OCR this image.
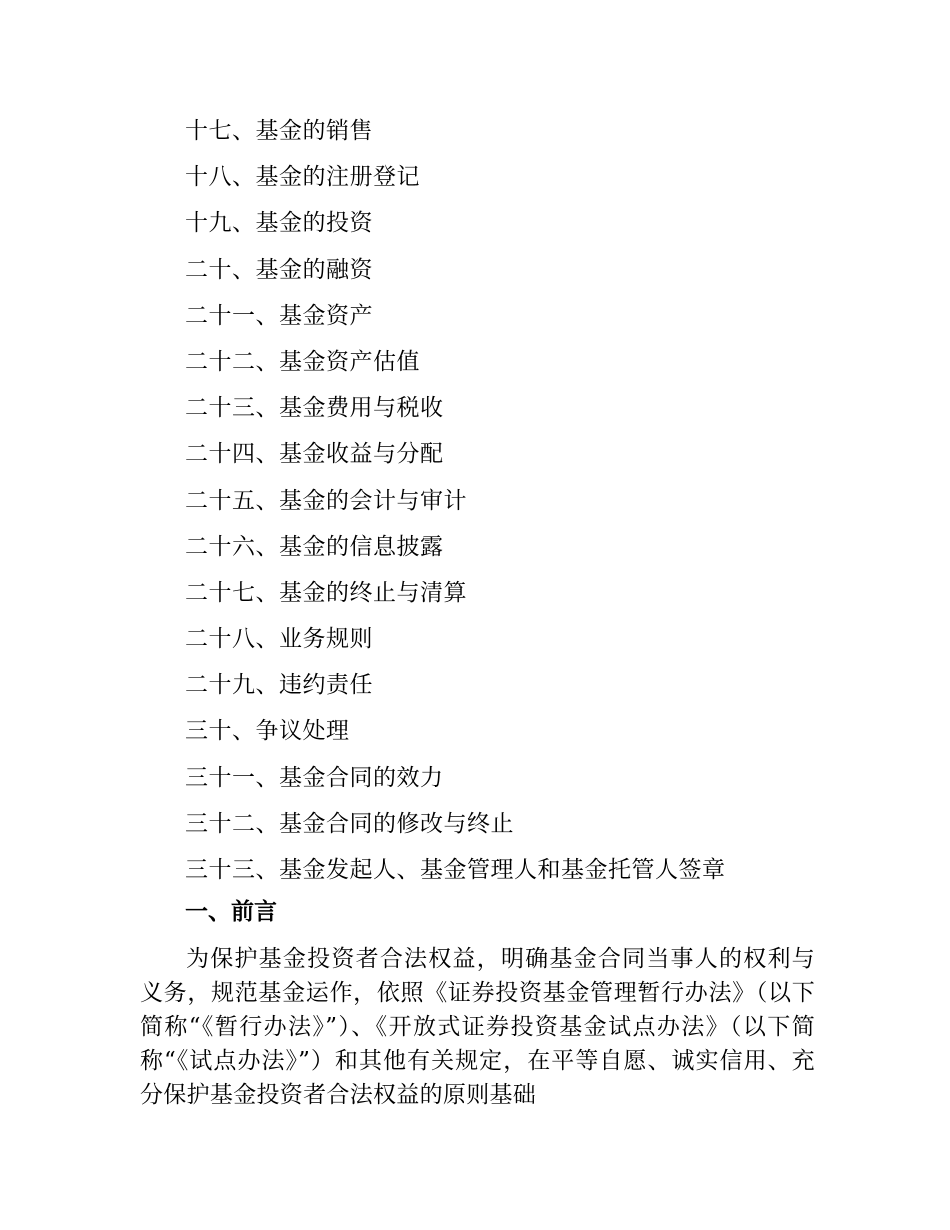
十七、基金的销售
十八、基金的注册登记
十九、基金的投资
二十、基金的融资
二十一、基金资产
二十二、基金资产估值
二十三、基金费用与税收
二十四、基金收益与分配
二十五、基金的会计与审计
二十六、基金的信息披露
二十七、基金的终止与清算
二十八、业务规则
二十九、违约责任
三十、争议处理
三十一、基金合同的效力
三十二、基金合同的修改与终止
三十三、基金发起人、基金管理人和基金托管人签章
一、前言

为保护基金投资者合法权益，明确基金合同当事人的权利与义务，规范基金运作，依照《证券投资基金管理暂行办法》（以下简称“《暂行办法》”）、《开放式证券投资基金试点办法》（以下简称“《试点办法》”）和其他有关规定，在平等自愿、诚实信用、充分保护基金投资者合法权益的原则基础
